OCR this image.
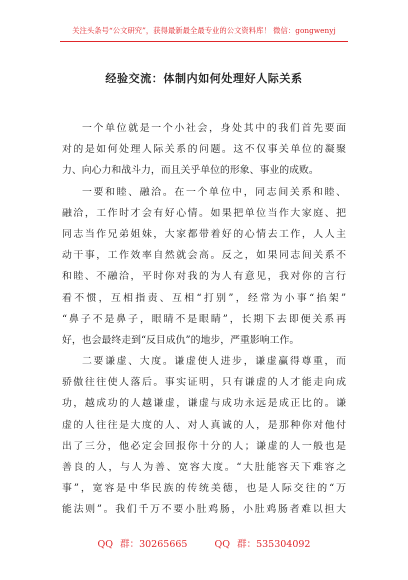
关注头条号“公文研究”，获得最新最全最专业的公文资料库！ 微信：gongwenyj
经验交流：体制内如何处理好人际关系
一个单位就是一个小社会，身处其中的我们首先要面
对的是如何处理人际关系的问题。这不仅事关单位的凝聚
力、向心力和战斗力，而且关乎单位的形象、事业的成败。
一要和睦、融洽。在一个单位中，同志间关系和睦、
融洽，工作时才会有好心情。如果把单位当作大家庭、把
同志当作兄弟姐妹，大家都带着好的心情去工作，人人主
动干事，工作效率自然就会高。反之，如果同志间关系不
和睦、不融洽，平时你对我的为人有意见，我对你的言行
看不惯，互相指责、互相“打别”，经常为小事“掐架”
“鼻子不是鼻子，眼睛不是眼睛”，长期下去即便关系再
好，也会最终走到“反目成仇”的地步，严重影响工作。
二要谦虚、大度。谦虚使人进步，谦虚赢得尊重，而
骄傲往往使人落后。事实证明，只有谦虚的人才能走向成
功，越成功的人越谦虚，谦虚与成功永远是成正比的。谦
虚的人往往是大度的人、对人真诚的人，是那种你对他付
出了三分，他必定会回报你十分的人；谦虚的人一般也是
善良的人，与人为善、宽容大度。“大肚能容天下难容之
事”，宽容是中华民族的传统美德，也是人际交往的“万
能法则”。我们千万不要小肚鸡肠，小肚鸡肠者难以担大
QQ 群：30265665	QQ 群：535304092
